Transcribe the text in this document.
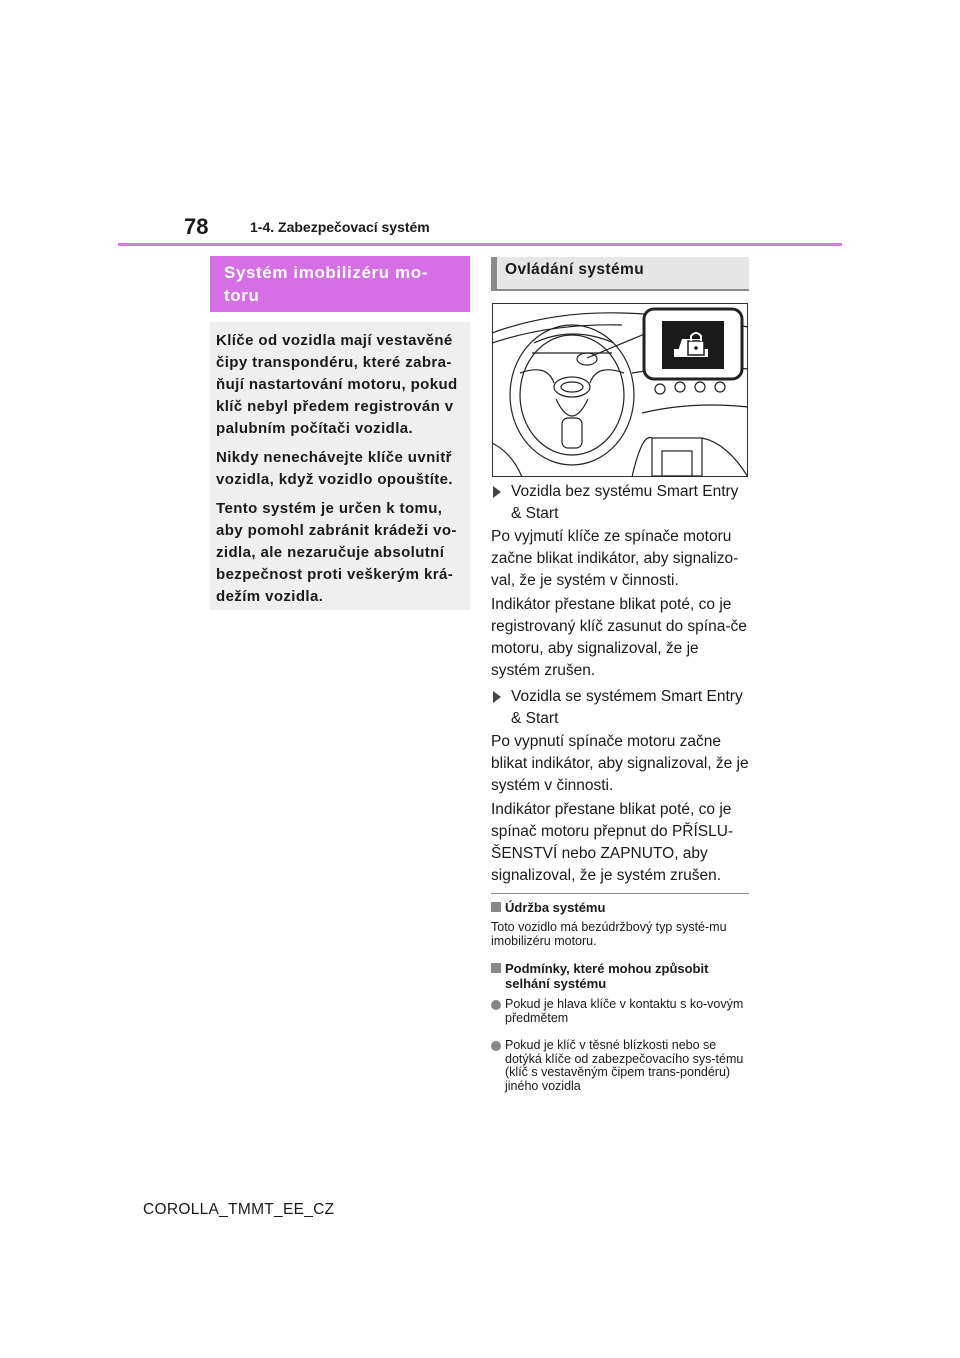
78	1-4. Zabezpečovací systém
Systém imobilizéru mo-toru

Klíče od vozidla mají vestavěné čipy transpondéru, které zabra-ňují nastartování motoru, pokud klíč nebyl předem registrován v palubním počítači vozidla.

Nikdy nenechávejte klíče uvnitř vozidla, když vozidlo opouštíte.

Tento systém je určen k tomu, aby pomohl zabránit krádeži vo-zidla, ale nezaručuje absolutní bezpečnost proti veškerým krá-dežím vozidla.

Ovládání systému
Vozidla bez systému Smart Entry & Start
Po vyjmutí klíče ze spínače motoru začne blikat indikátor, aby signalizo-val, že je systém v činnosti.
Indikátor přestane blikat poté, co je registrovaný klíč zasunut do spína-če motoru, aby signalizoval, že je systém zrušen.
Vozidla se systémem Smart Entry & Start
Po vypnutí spínače motoru začne blikat indikátor, aby signalizoval, že je systém v činnosti.
Indikátor přestane blikat poté, co je spínač motoru přepnut do PŘÍSLU-ŠENSTVÍ nebo ZAPNUTO, aby signalizoval, že je systém zrušen.
Údržba systému
Toto vozidlo má bezúdržbový typ systé-mu imobilizéru motoru.
Podmínky, které mohou způsobit selhání systému
Pokud je hlava klíče v kontaktu s ko-vovým předmětem
Pokud je klíč v těsné blízkosti nebo se dotýká klíče od zabezpečovacího sys-tému (klíč s vestavěným čipem trans-pondéru) jiného vozidla
COROLLA_TMMT_EE_CZ
